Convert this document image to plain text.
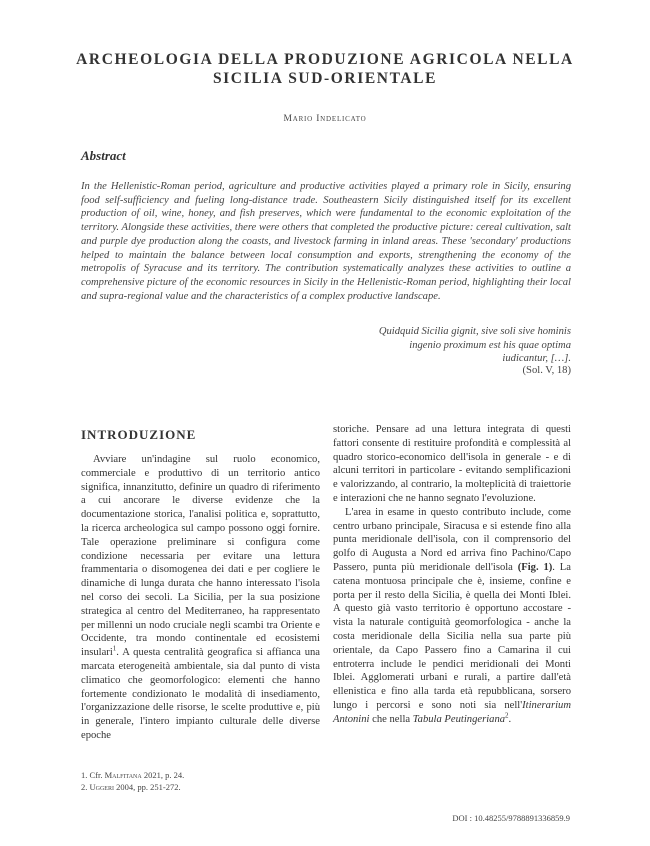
ARCHEOLOGIA DELLA PRODUZIONE AGRICOLA NELLA
SICILIA SUD-ORIENTALE
Mario Indelicato
Abstract

In the Hellenistic-Roman period, agriculture and productive activities played a primary role in Sicily, ensuring food self-sufficiency and fueling long-distance trade. Southeastern Sicily distinguished itself for its excellent production of oil, wine, honey, and fish preserves, which were fundamental to the economic exploitation of the territory. Alongside these activities, there were others that completed the productive picture: cereal cultivation, salt and purple dye production along the coasts, and livestock farming in inland areas. These 'secondary' productions helped to maintain the balance between local consumption and exports, strengthening the economy of the metropolis of Syracuse and its territory. The contribution systematically analyzes these activities to outline a comprehensive picture of the economic resources in Sicily in the Hellenistic-Roman period, highlighting their local and supra-regional value and the characteristics of a complex productive landscape.

Quidquid Sicilia gignit, sive soli sive hominis
ingenio proximum est his quae optima
iudicantur, […].
(Sol. V, 18)
INTRODUZIONE

Avviare un'indagine sul ruolo economico, commerciale e produttivo di un territorio antico significa, innanzitutto, definire un quadro di riferimento a cui ancorare le diverse evidenze che la documentazione storica, l'analisi politica e, soprattutto, la ricerca archeologica sul campo possono oggi fornire. Tale operazione preliminare si configura come condizione necessaria per evitare una lettura frammentaria o disomogenea dei dati e per cogliere le dinamiche di lunga durata che hanno interessato l'isola nel corso dei secoli. La Sicilia, per la sua posizione strategica al centro del Mediterraneo, ha rappresentato per millenni un nodo cruciale negli scambi tra Oriente e Occidente, tra mondo continentale ed ecosistemi insulari$^1$. A questa centralità geografica si affianca una marcata eterogeneità ambientale, sia dal punto di vista climatico che geomorfologico: elementi che hanno fortemente condizionato le modalità di insediamento, l'organizzazione delle risorse, le scelte produttive e, più in generale, l'intero impianto culturale delle diverse epoche

storiche. Pensare ad una lettura integrata di questi fattori consente di restituire profondità e complessità al quadro storico-economico dell'isola in generale - e di alcuni territori in particolare - evitando semplificazioni e valorizzando, al contrario, la molteplicità di traiettorie e interazioni che ne hanno segnato l'evoluzione.

L'area in esame in questo contributo include, come centro urbano principale, Siracusa e si estende fino alla punta meridionale dell'isola, con il comprensorio del golfo di Augusta a Nord ed arriva fino Pachino/Capo Passero, punta più meridionale dell'isola (Fig. 1). La catena montuosa principale che è, insieme, confine e porta per il resto della Sicilia, è quella dei Monti Iblei. A questo già vasto territorio è opportuno accostare - vista la naturale contiguità geomorfologica - anche la costa meridionale della Sicilia nella sua parte più orientale, da Capo Passero fino a Camarina il cui entroterra include le pendici meridionali dei Monti Iblei. Agglomerati urbani e rurali, a partire dall'età ellenistica e fino alla tarda età repubblicana, sorsero lungo i percorsi e sono noti sia nell'Itinerarium Antonini che nella Tabula Peutingeriana$^2$.

1. Cfr. Malfitana 2021, p. 24.
2. Uggeri 2004, pp. 251-272.
DOI : 10.48255/9788891336859.9
